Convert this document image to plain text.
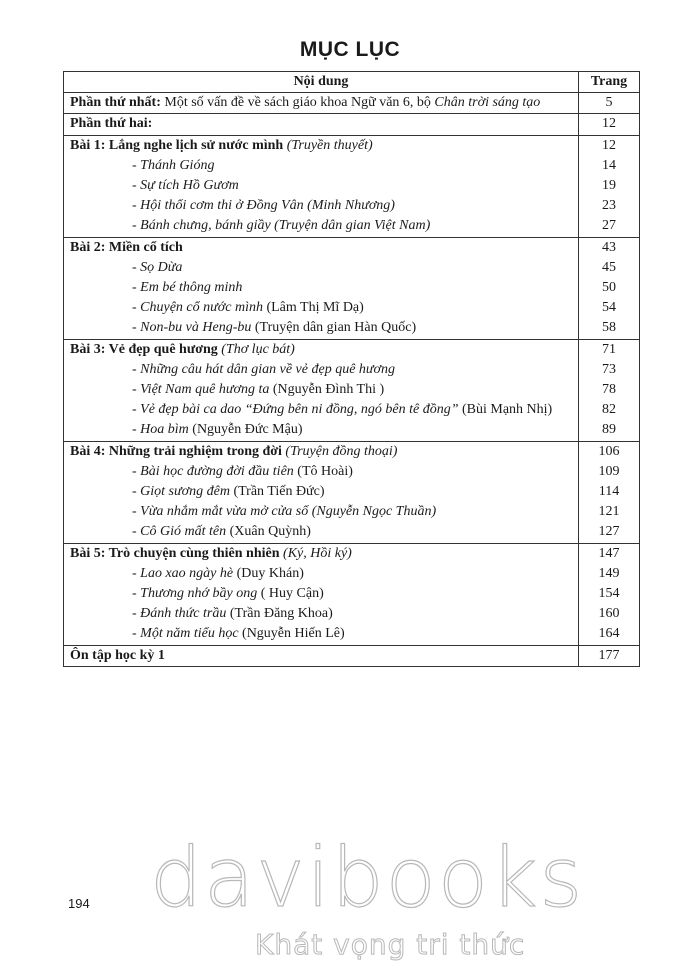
MỤC LỤC
Nội dung	Trang
Phần thứ nhất: Một số vấn đề về sách giáo khoa Ngữ văn 6, bộ Chân trời sáng tạo	5
Phần thứ hai:	12
Bài 1: Lắng nghe lịch sử nước mình (Truyền thuyết)	12
- Thánh Gióng	14
- Sự tích Hồ Gươm	19
- Hội thổi cơm thi ở Đồng Vân (Minh Nhương)	23
- Bánh chưng, bánh giầy (Truyện dân gian Việt Nam)	27
Bài 2: Miền cổ tích	43
- Sọ Dừa	45
- Em bé thông minh	50
- Chuyện cổ nước mình (Lâm Thị Mĩ Dạ)	54
- Non-bu và Heng-bu (Truyện dân gian Hàn Quốc)	58
Bài 3: Vẻ đẹp quê hương (Thơ lục bát)	71
- Những câu hát dân gian về vẻ đẹp quê hương	73
- Việt Nam quê hương ta (Nguyễn Đình Thi )	78
- Vẻ đẹp bài ca dao “Đứng bên ni đồng, ngó bên tê đồng” (Bùi Mạnh Nhị)	82
- Hoa bìm (Nguyễn Đức Mậu)	89
Bài 4: Những trải nghiệm trong đời (Truyện đồng thoại)	106
- Bài học đường đời đầu tiên (Tô Hoài)	109
- Giọt sương đêm (Trần Tiến Đức)	114
- Vừa nhắm mắt vừa mở cửa sổ (Nguyễn Ngọc Thuần)	121
- Cô Gió mất tên (Xuân Quỳnh)	127
Bài 5: Trò chuyện cùng thiên nhiên (Ký, Hồi ký)	147
- Lao xao ngày hè (Duy Khán)	149
- Thương nhớ bầy ong ( Huy Cận)	154
- Đánh thức trầu (Trần Đăng Khoa)	160
- Một năm tiểu học (Nguyễn Hiến Lê)	164
Ôn tập học kỳ 1	177
194 davibooks
Khát vọng tri thức
